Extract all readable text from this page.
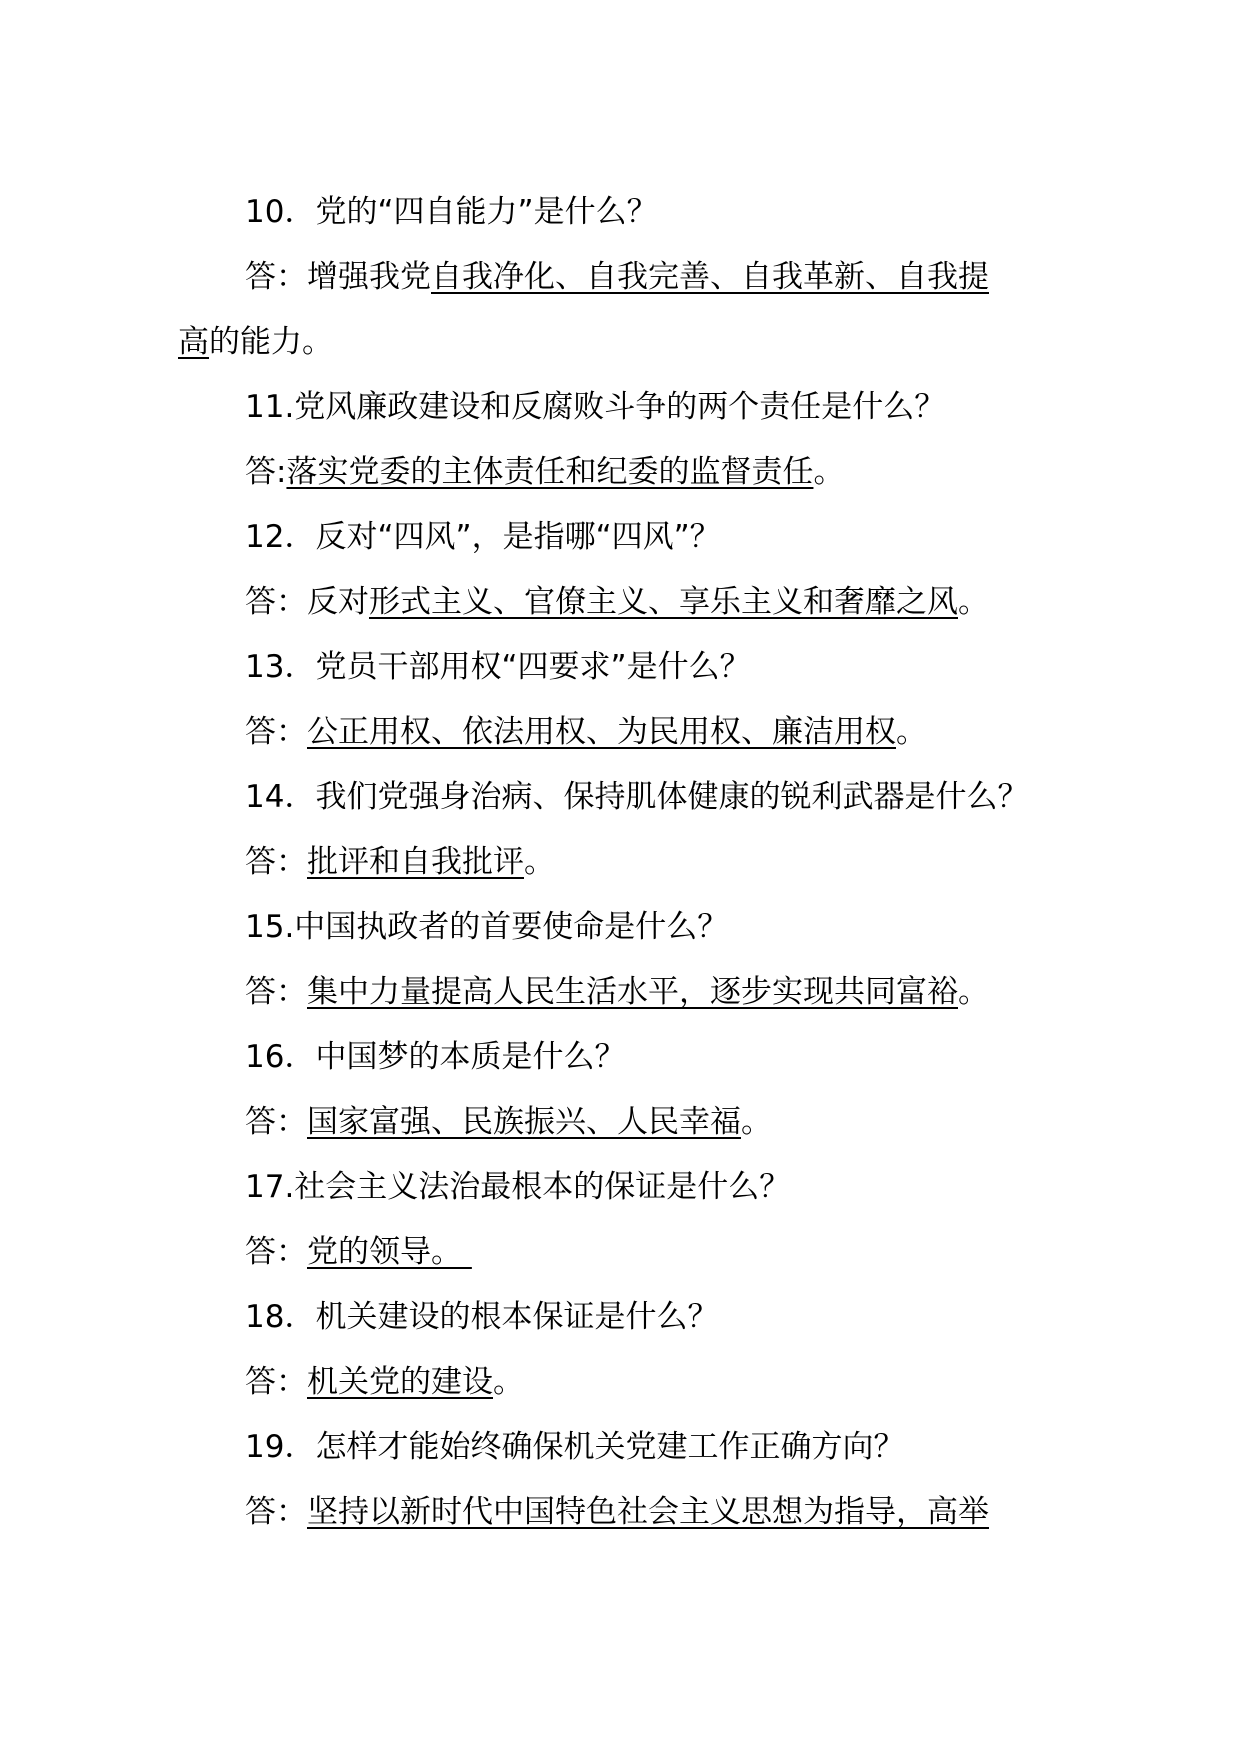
10．党的“四自能力”是什么？
答：增强我党自我净化、自我完善、自我革新、自我提
高的能力。
11.党风廉政建设和反腐败斗争的两个责任是什么？
答:落实党委的主体责任和纪委的监督责任。
12．反对“四风”，是指哪“四风”？
答：反对形式主义、官僚主义、享乐主义和奢靡之风。
13．党员干部用权“四要求”是什么？
答：公正用权、依法用权、为民用权、廉洁用权。
14．我们党强身治病、保持肌体健康的锐利武器是什么？
答：批评和自我批评。
15.中国执政者的首要使命是什么？
答：集中力量提高人民生活水平，逐步实现共同富裕。
16．中国梦的本质是什么？
答：国家富强、民族振兴、人民幸福。
17.社会主义法治最根本的保证是什么？
答：党的领导。
18．机关建设的根本保证是什么？
答：机关党的建设。
19．怎样才能始终确保机关党建工作正确方向？
答：坚持以新时代中国特色社会主义思想为指导，高举
